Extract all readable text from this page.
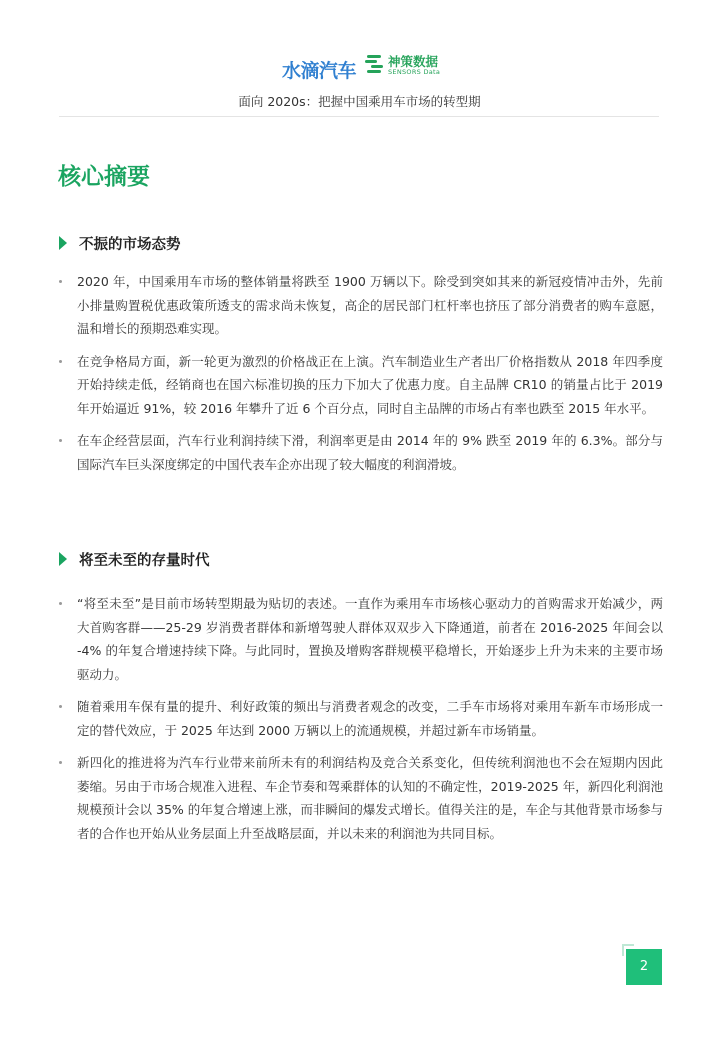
水滴汽车	神策数据
SENSORS Data
面向 2020s：把握中国乘用车市场的转型期
核心摘要
不振的市场态势
2020 年，中国乘用车市场的整体销量将跌至 1900 万辆以下。除受到突如其来的新冠疫情冲击外，先前小排量购置税优惠政策所透支的需求尚未恢复，高企的居民部门杠杆率也挤压了部分消费者的购车意愿，温和增长的预期恐难实现。
在竞争格局方面，新一轮更为激烈的价格战正在上演。汽车制造业生产者出厂价格指数从 2018 年四季度开始持续走低，经销商也在国六标准切换的压力下加大了优惠力度。自主品牌 CR10 的销量占比于 2019 年开始逼近 91%，较 2016 年攀升了近 6 个百分点，同时自主品牌的市场占有率也跌至 2015 年水平。
在车企经营层面，汽车行业利润持续下滑，利润率更是由 2014 年的 9% 跌至 2019 年的 6.3%。部分与国际汽车巨头深度绑定的中国代表车企亦出现了较大幅度的利润滑坡。
将至未至的存量时代
“将至未至”是目前市场转型期最为贴切的表述。一直作为乘用车市场核心驱动力的首购需求开始减少，两大首购客群——25-29 岁消费者群体和新增驾驶人群体双双步入下降通道，前者在 2016-2025 年间会以 -4% 的年复合增速持续下降。与此同时，置换及增购客群规模平稳增长，开始逐步上升为未来的主要市场驱动力。
随着乘用车保有量的提升、利好政策的频出与消费者观念的改变，二手车市场将对乘用车新车市场形成一定的替代效应，于 2025 年达到 2000 万辆以上的流通规模，并超过新车市场销量。
新四化的推进将为汽车行业带来前所未有的利润结构及竞合关系变化，但传统利润池也不会在短期内因此萎缩。另由于市场合规准入进程、车企节奏和驾乘群体的认知的不确定性，2019-2025 年，新四化利润池规模预计会以 35% 的年复合增速上涨，而非瞬间的爆发式增长。值得关注的是，车企与其他背景市场参与者的合作也开始从业务层面上升至战略层面，并以未来的利润池为共同目标。
2
